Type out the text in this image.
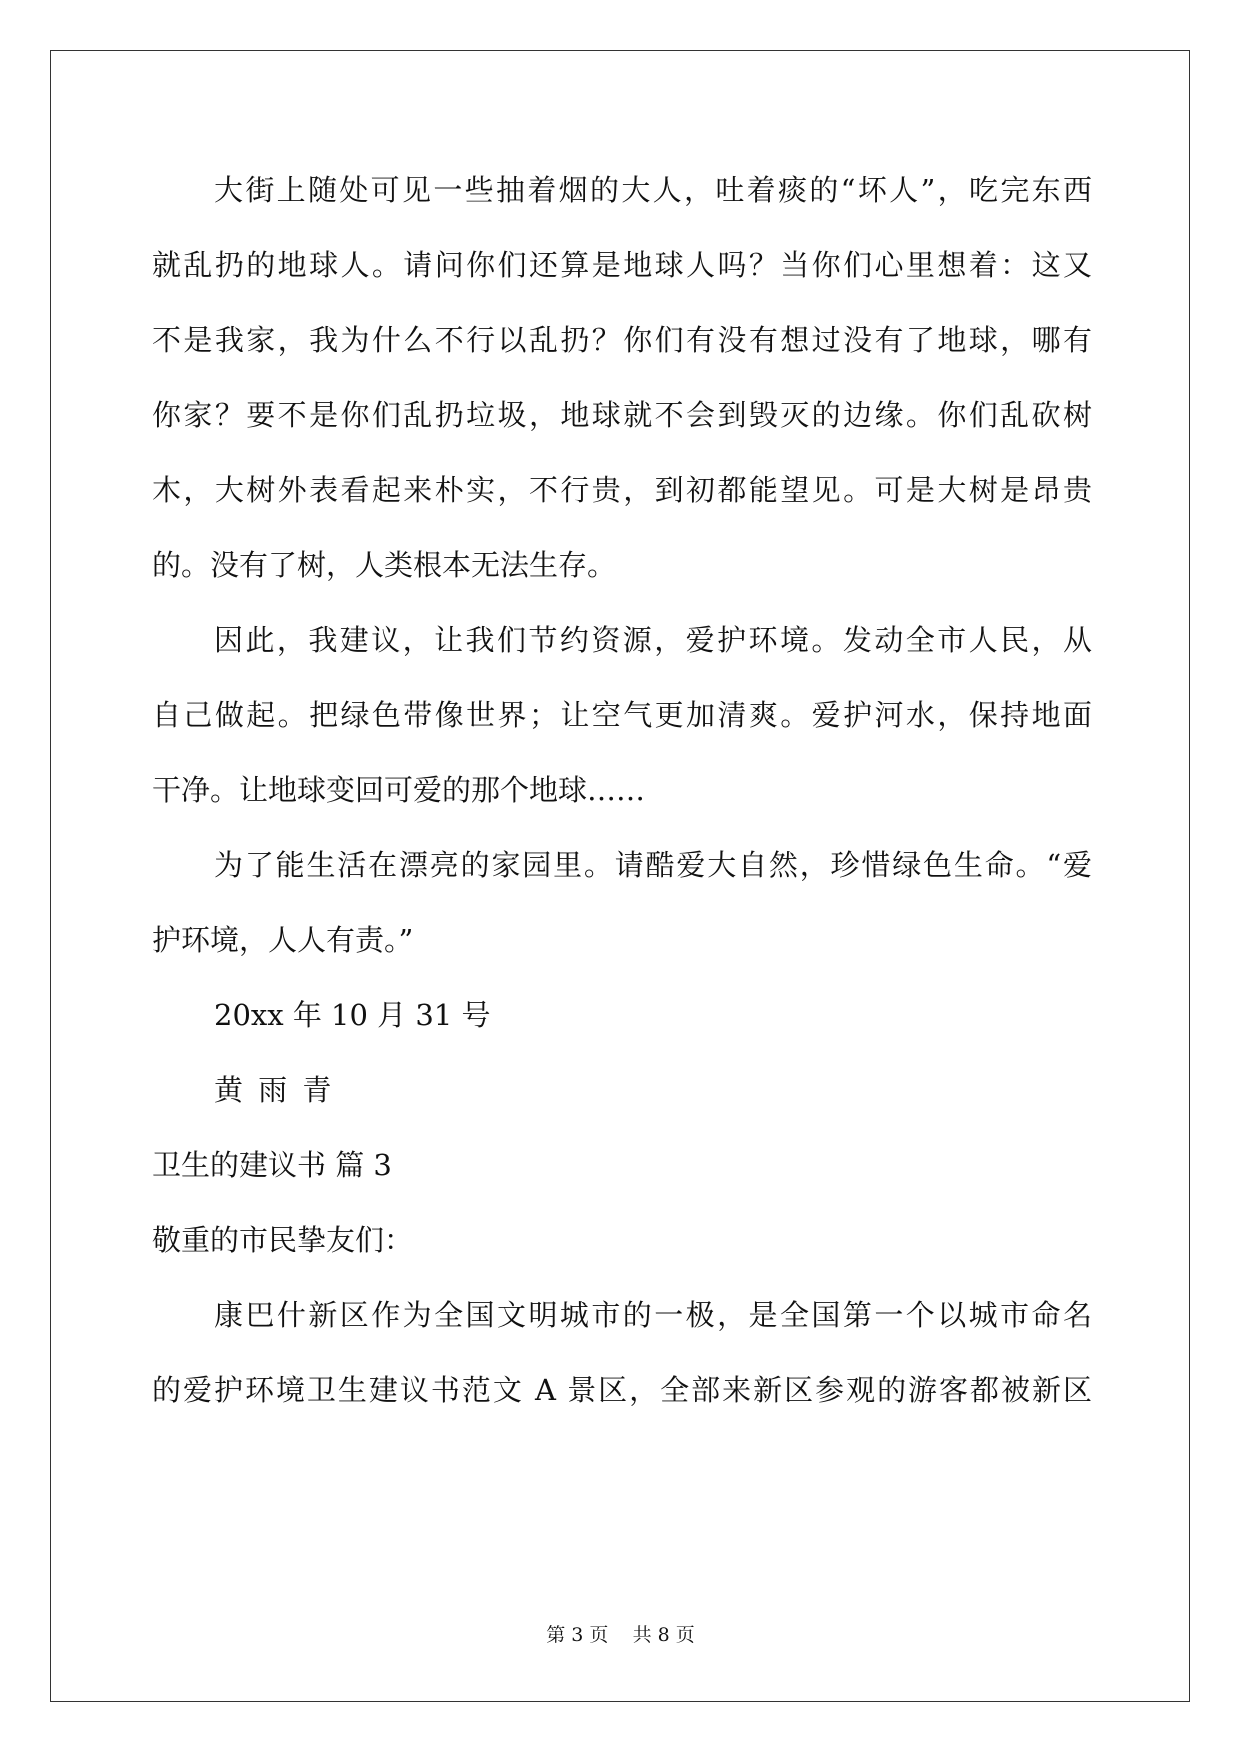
大街上随处可见一些抽着烟的大人，吐着痰的“坏人”，吃完东西
就乱扔的地球人。请问你们还算是地球人吗？当你们心里想着：这又
不是我家，我为什么不行以乱扔？你们有没有想过没有了地球，哪有
你家？要不是你们乱扔垃圾，地球就不会到毁灭的边缘。你们乱砍树
木，大树外表看起来朴实，不行贵，到初都能望见。可是大树是昂贵
的。没有了树，人类根本无法生存。
因此，我建议，让我们节约资源，爱护环境。发动全市人民，从
自己做起。把绿色带像世界；让空气更加清爽。爱护河水，保持地面
干净。让地球变回可爱的那个地球……
为了能生活在漂亮的家园里。请酷爱大自然，珍惜绿色生命。“爱
护环境，人人有责。”
20xx 年 10 月 31 号
黄 雨 青
卫生的建议书 篇 3
敬重的市民挚友们：
康巴什新区作为全国文明城市的一极，是全国第一个以城市命名
的爱护环境卫生建议书范文 A 景区，全部来新区参观的游客都被新区
第 3 页    共 8 页
